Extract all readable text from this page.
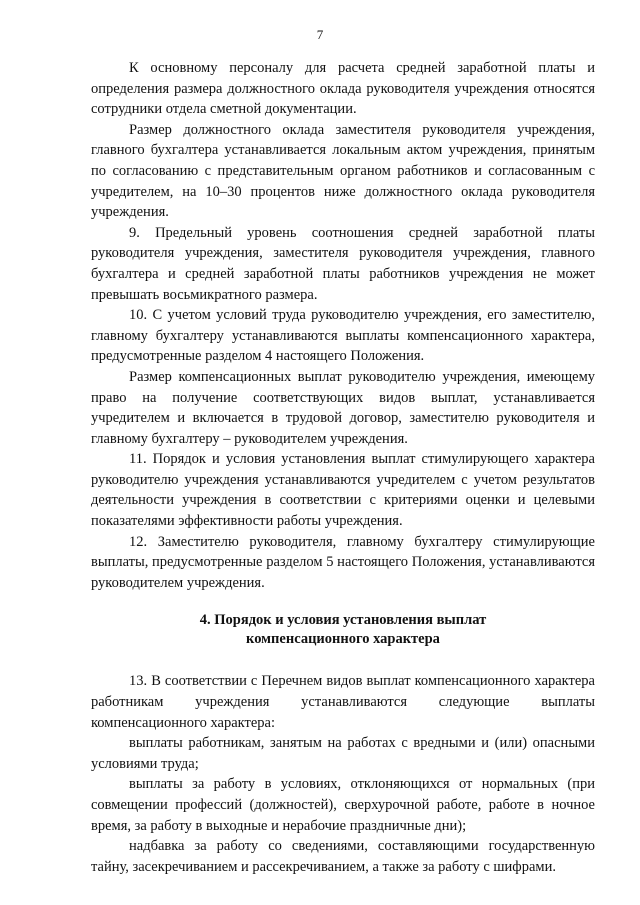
7

К основному персоналу для расчета средней заработной платы и определения размера должностного оклада руководителя учреждения относятся сотрудники отдела сметной документации.

Размер должностного оклада заместителя руководителя учреждения, главного бухгалтера устанавливается локальным актом учреждения, принятым по согласованию с представительным органом работников и согласованным с учредителем, на 10–30 процентов ниже должностного оклада руководителя учреждения.

9. Предельный уровень соотношения средней заработной платы руководителя учреждения, заместителя руководителя учреждения, главного бухгалтера и средней заработной платы работников учреждения не может превышать восьмикратного размера.

10. С учетом условий труда руководителю учреждения, его заместителю, главному бухгалтеру устанавливаются выплаты компенсационного характера, предусмотренные разделом 4 настоящего Положения.

Размер компенсационных выплат руководителю учреждения, имеющему право на получение соответствующих видов выплат, устанавливается учредителем и включается в трудовой договор, заместителю руководителя и главному бухгалтеру – руководителем учреждения.

11. Порядок и условия установления выплат стимулирующего характера руководителю учреждения устанавливаются учредителем с учетом результатов деятельности учреждения в соответствии с критериями оценки и целевыми показателями эффективности работы учреждения.

12. Заместителю руководителя, главному бухгалтеру стимулирующие выплаты, предусмотренные разделом 5 настоящего Положения, устанавливаются руководителем учреждения.

4. Порядок и условия установления выплат
компенсационного характера

13. В соответствии с Перечнем видов выплат компенсационного характера работникам учреждения устанавливаются следующие выплаты компенсационного характера:

выплаты работникам, занятым на работах с вредными и (или) опасными условиями труда;

выплаты за работу в условиях, отклоняющихся от нормальных (при совмещении профессий (должностей), сверхурочной работе, работе в ночное время, за работу в выходные и нерабочие праздничные дни);

надбавка за работу со сведениями, составляющими государственную тайну, засекречиванием и рассекречиванием, а также за работу с шифрами.
